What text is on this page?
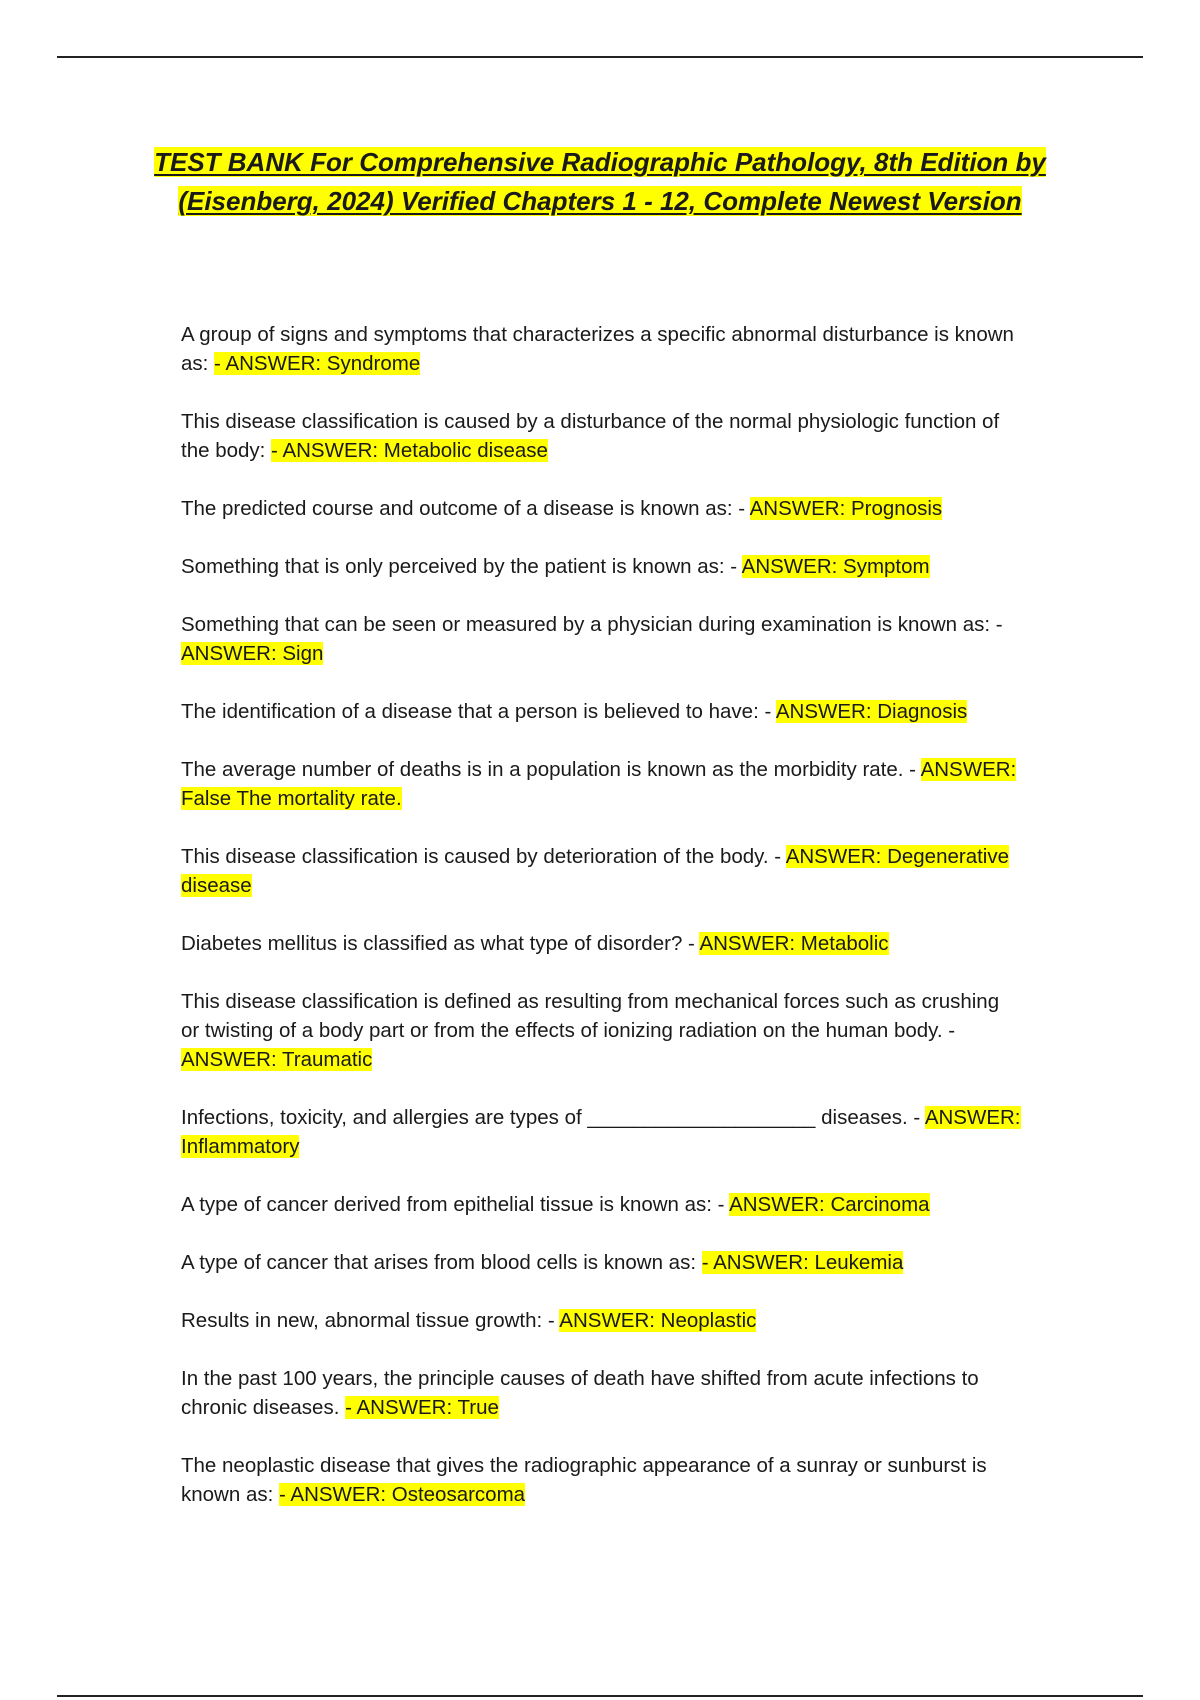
TEST BANK For Comprehensive Radiographic Pathology, 8th Edition by (Eisenberg, 2024) Verified Chapters 1 - 12, Complete Newest Version
A group of signs and symptoms that characterizes a specific abnormal disturbance is known as: - ANSWER: Syndrome
This disease classification is caused by a disturbance of the normal physiologic function of the body: - ANSWER: Metabolic disease
The predicted course and outcome of a disease is known as: - ANSWER: Prognosis
Something that is only perceived by the patient is known as: - ANSWER: Symptom
Something that can be seen or measured by a physician during examination is known as: - ANSWER: Sign
The identification of a disease that a person is believed to have: - ANSWER: Diagnosis
The average number of deaths is in a population is known as the morbidity rate. - ANSWER: False The mortality rate.
This disease classification is caused by deterioration of the body. - ANSWER: Degenerative disease
Diabetes mellitus is classified as what type of disorder? - ANSWER: Metabolic
This disease classification is defined as resulting from mechanical forces such as crushing or twisting of a body part or from the effects of ionizing radiation on the human body. - ANSWER: Traumatic
Infections, toxicity, and allergies are types of ____________________ diseases. - ANSWER: Inflammatory
A type of cancer derived from epithelial tissue is known as: - ANSWER: Carcinoma
A type of cancer that arises from blood cells is known as: - ANSWER: Leukemia
Results in new, abnormal tissue growth: - ANSWER: Neoplastic
In the past 100 years, the principle causes of death have shifted from acute infections to chronic diseases. - ANSWER: True
The neoplastic disease that gives the radiographic appearance of a sunray or sunburst is known as: - ANSWER: Osteosarcoma
